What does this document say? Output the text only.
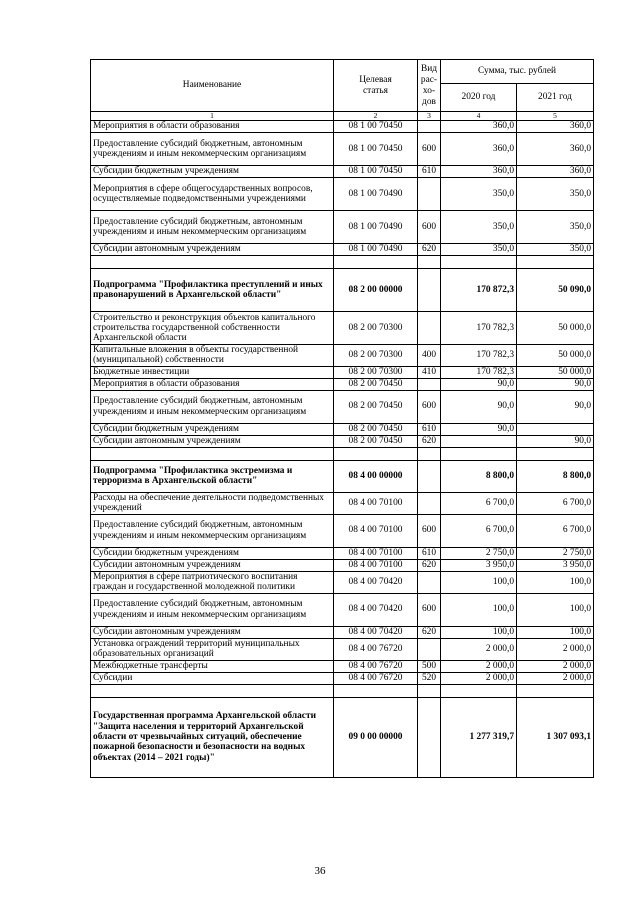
Наименование	Целевая статья	Вид рас-хо-дов	Сумма, тыс. рублей	
			2020 год	2021 год
1	2	3	4	5
Мероприятия в области образования	08 1 00 70450		360,0	360,0
Предоставление субсидий бюджетным, автономным учреждениям и иным некоммерческим организациям	08 1 00 70450	600	360,0	360,0
Субсидии бюджетным учреждениям	08 1 00 70450	610	360,0	360,0
Мероприятия в сфере общегосударственных вопросов, осуществляемые подведомственными учреждениями	08 1 00 70490		350,0	350,0
Предоставление субсидий бюджетным, автономным учреждениям и иным некоммерческим организациям	08 1 00 70490	600	350,0	350,0
Субсидии автономным учреждениям	08 1 00 70490	620	350,0	350,0

Подпрограмма "Профилактика преступлений и иных правонарушений в Архангельской области"	08 2 00 00000		170 872,3	50 090,0
Строительство и реконструкция объектов капитального строительства государственной собственности Архангельской области	08 2 00 70300		170 782,3	50 000,0
Капитальные вложения в объекты государственной (муниципальной) собственности	08 2 00 70300	400	170 782,3	50 000,0
Бюджетные инвестиции	08 2 00 70300	410	170 782,3	50 000,0
Мероприятия в области образования	08 2 00 70450		90,0	90,0
Предоставление субсидий бюджетным, автономным учреждениям и иным некоммерческим организациям	08 2 00 70450	600	90,0	90,0
Субсидии бюджетным учреждениям	08 2 00 70450	610	90,0	
Субсидии автономным учреждениям	08 2 00 70450	620		90,0

Подпрограмма "Профилактика экстремизма и терроризма в Архангельской области"	08 4 00 00000		8 800,0	8 800,0
Расходы на обеспечение деятельности подведомственных учреждений	08 4 00 70100		6 700,0	6 700,0
Предоставление субсидий бюджетным, автономным учреждениям и иным некоммерческим организациям	08 4 00 70100	600	6 700,0	6 700,0
Субсидии бюджетным учреждениям	08 4 00 70100	610	2 750,0	2 750,0
Субсидии автономным учреждениям	08 4 00 70100	620	3 950,0	3 950,0
Мероприятия в сфере патриотического воспитания граждан и государственной молодежной политики	08 4 00 70420		100,0	100,0
Предоставление субсидий бюджетным, автономным учреждениям и иным некоммерческим организациям	08 4 00 70420	600	100,0	100,0
Субсидии автономным учреждениям	08 4 00 70420	620	100,0	100,0
Установка ограждений территорий муниципальных образовательных организаций	08 4 00 76720		2 000,0	2 000,0
Межбюджетные трансферты	08 4 00 76720	500	2 000,0	2 000,0
Субсидии	08 4 00 76720	520	2 000,0	2 000,0

Государственная программа Архангельской области "Защита населения и территорий Архангельской области от чрезвычайных ситуаций, обеспечение пожарной безопасности и безопасности на водных объектах (2014 – 2021 годы)"	09 0 00 00000		1 277 319,7	1 307 093,1
36
